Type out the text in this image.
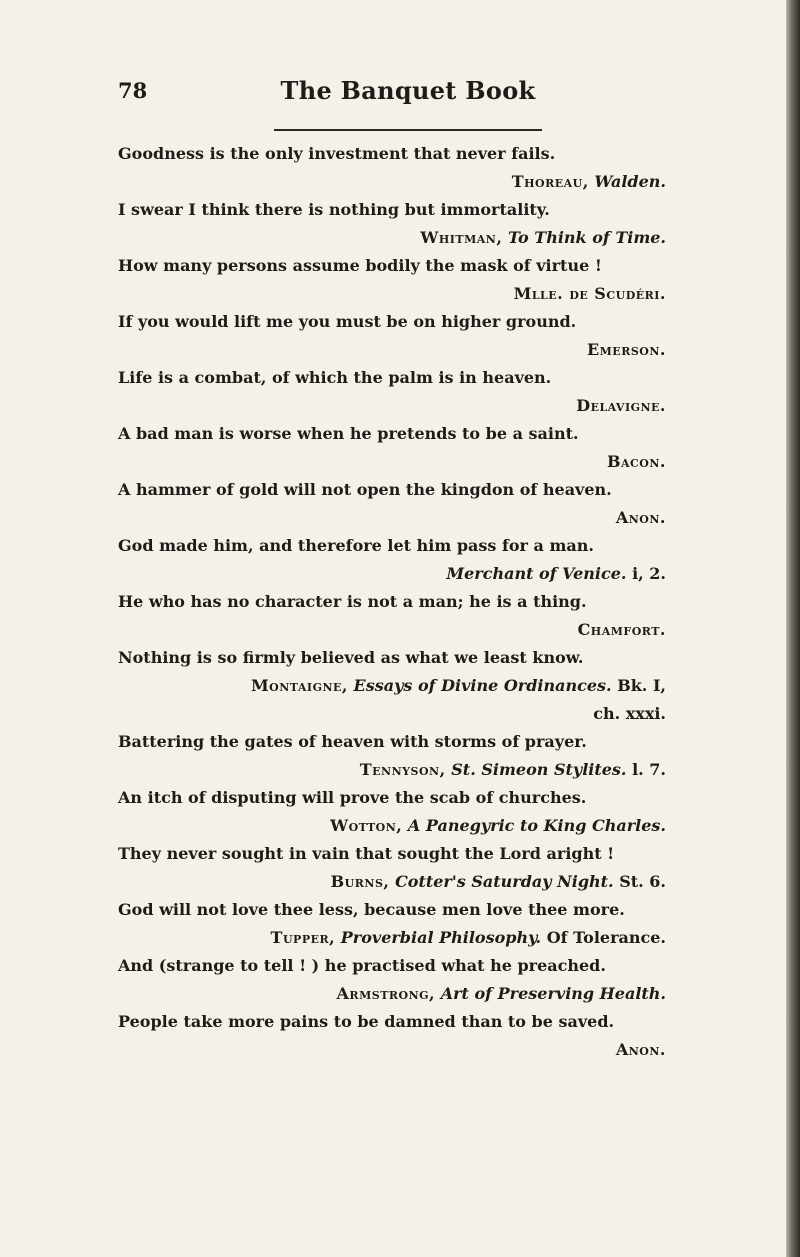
78	The Banquet Book
Goodness is the only investment that never fails.
Thoreau, Walden.
I swear I think there is nothing but immortality.
Whitman, To Think of Time.
How many persons assume bodily the mask of virtue !
Mlle. de Scudéri.
If you would lift me you must be on higher ground.
Emerson.
Life is a combat, of which the palm is in heaven.
Delavigne.
A bad man is worse when he pretends to be a saint.
Bacon.
A hammer of gold will not open the kingdon of heaven.
Anon.
God made him, and therefore let him pass for a man.
Merchant of Venice. i, 2.
He who has no character is not a man; he is a thing.
Chamfort.
Nothing is so firmly believed as what we least know.
Montaigne, Essays of Divine Ordinances. Bk. I,
ch. xxxi.
Battering the gates of heaven with storms of prayer.
Tennyson, St. Simeon Stylites. l. 7.
An itch of disputing will prove the scab of churches.
Wotton, A Panegyric to King Charles.
They never sought in vain that sought the Lord aright !
Burns, Cotter's Saturday Night. St. 6.
God will not love thee less, because men love thee more.
Tupper, Proverbial Philosophy. Of Tolerance.
And (strange to tell ! ) he practised what he preached.
Armstrong, Art of Preserving Health.
People take more pains to be damned than to be saved.
Anon.
